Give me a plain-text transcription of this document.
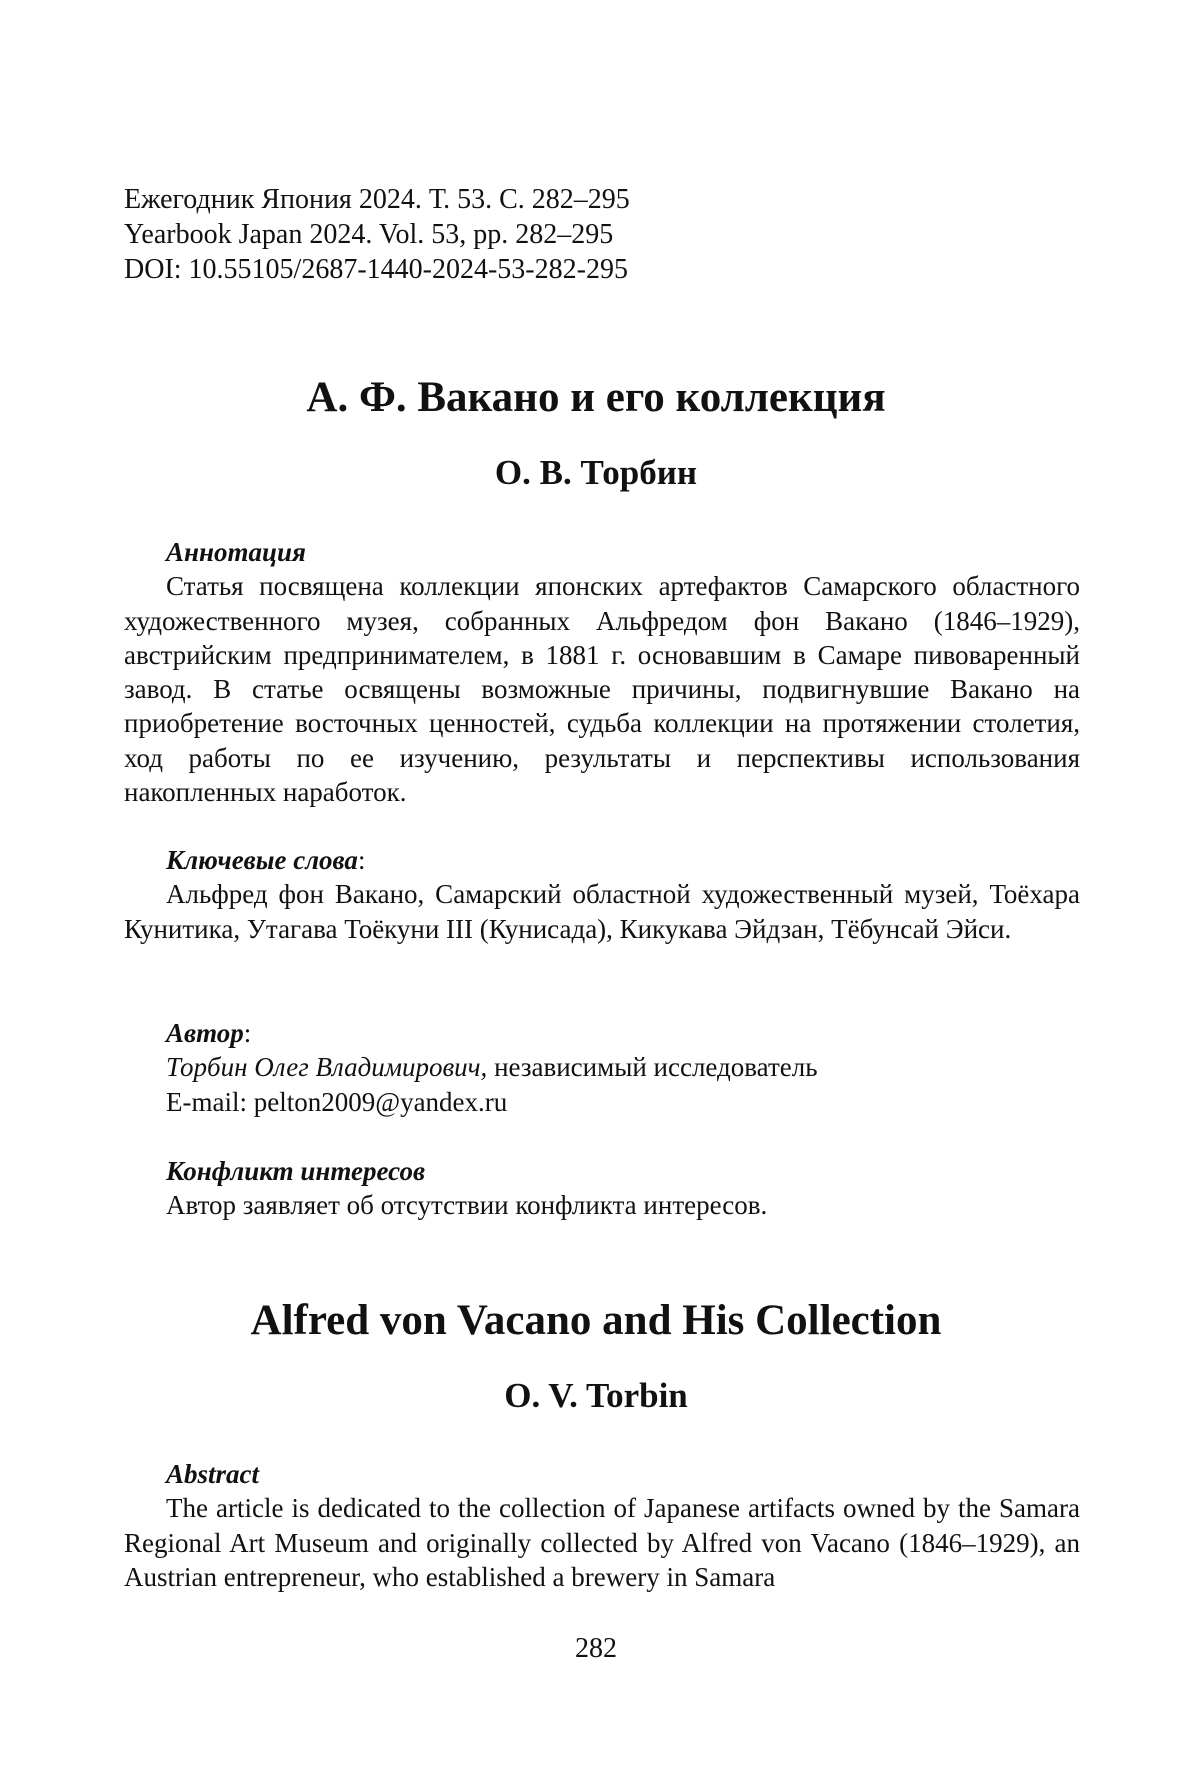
Ежегодник Япония 2024. Т. 53. С. 282–295
Yearbook Japan 2024. Vol. 53, pp. 282–295
DOI: 10.55105/2687-1440-2024-53-282-295
А. Ф. Вакано и его коллекция
О. В. Торбин
Аннотация
Статья посвящена коллекции японских артефактов Самарского областного художественного музея, собранных Альфредом фон Вакано (1846–1929), австрийским предпринимателем, в 1881 г. основавшим в Самаре пивоваренный завод. В статье освящены возможные причины, подвигнувшие Вакано на приобретение восточных ценностей, судьба коллекции на протяжении столетия, ход работы по ее изучению, результаты и перспективы использования накопленных наработок.
Ключевые слова:
Альфред фон Вакано, Самарский областной художественный музей, Тоёхара Кунитика, Утагава Тоёкуни III (Кунисада), Кикукава Эйдзан, Тёбунсай Эйси.
Автор:
Торбин Олег Владимирович, независимый исследователь
E-mail: pelton2009@yandex.ru
Конфликт интересов
Автор заявляет об отсутствии конфликта интересов.
Alfred von Vacano and His Collection
O. V. Torbin
Abstract
The article is dedicated to the collection of Japanese artifacts owned by the Samara Regional Art Museum and originally collected by Alfred von Vacano (1846–1929), an Austrian entrepreneur, who established a brewery in Samara
282
